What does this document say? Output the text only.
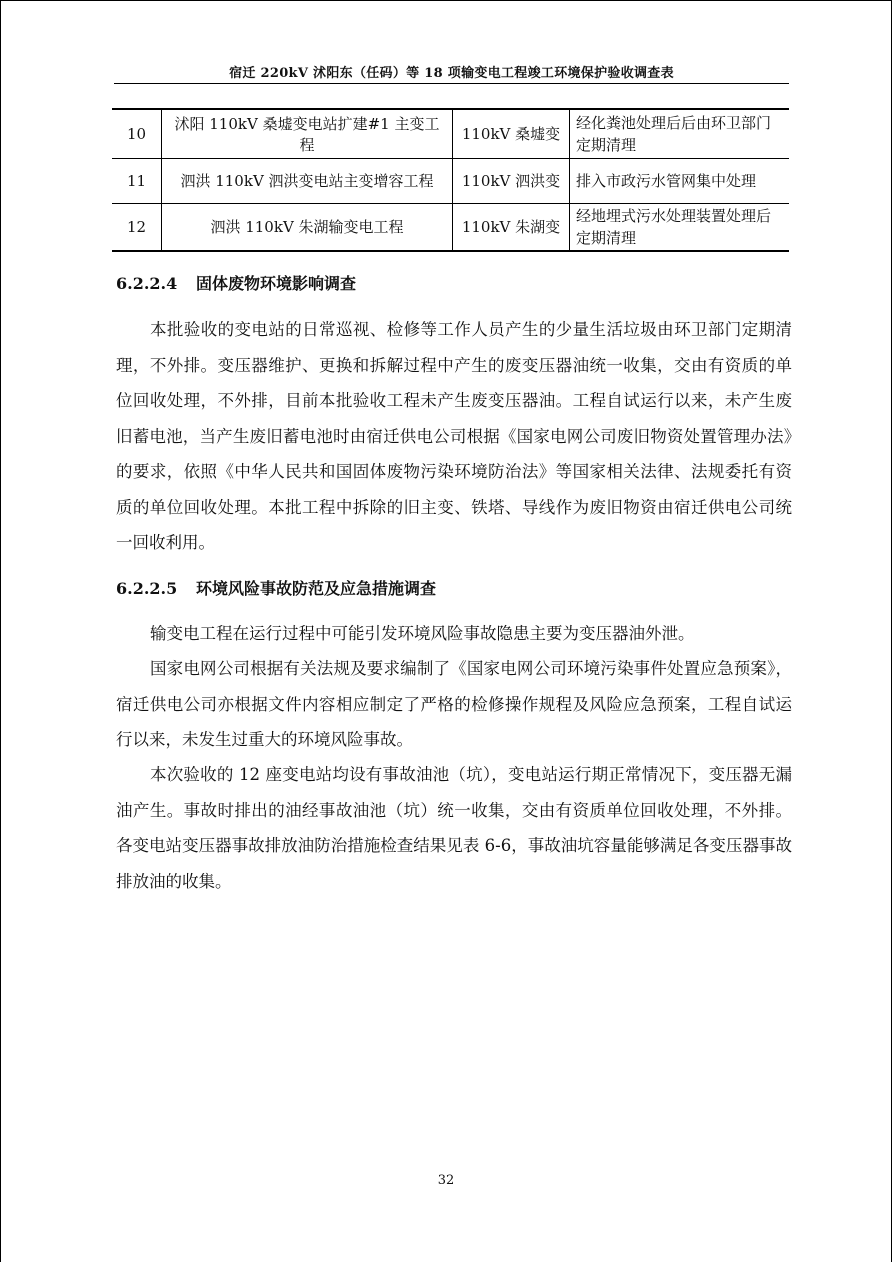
宿迁 220kV 沭阳东（任码）等 18 项输变电工程竣工环境保护验收调查表
10	沭阳 110kV 桑墟变电站扩建#1 主变工程	110kV 桑墟变	经化粪池处理后后由环卫部门定期清理
11	泗洪 110kV 泗洪变电站主变增容工程	110kV 泗洪变	排入市政污水管网集中处理
12	泗洪 110kV 朱湖输变电工程	110kV 朱湖变	经地埋式污水处理装置处理后定期清理
6.2.2.4 固体废物环境影响调查

本批验收的变电站的日常巡视、检修等工作人员产生的少量生活垃圾由环卫部门定期清理，不外排。变压器维护、更换和拆解过程中产生的废变压器油统一收集，交由有资质的单位回收处理，不外排，目前本批验收工程未产生废变压器油。工程自试运行以来，未产生废旧蓄电池，当产生废旧蓄电池时由宿迁供电公司根据《国家电网公司废旧物资处置管理办法》的要求，依照《中华人民共和国固体废物污染环境防治法》等国家相关法律、法规委托有资质的单位回收处理。本批工程中拆除的旧主变、铁塔、导线作为废旧物资由宿迁供电公司统一回收利用。

6.2.2.5 环境风险事故防范及应急措施调查

输变电工程在运行过程中可能引发环境风险事故隐患主要为变压器油外泄。

国家电网公司根据有关法规及要求编制了《国家电网公司环境污染事件处置应急预案》，宿迁供电公司亦根据文件内容相应制定了严格的检修操作规程及风险应急预案，工程自试运行以来，未发生过重大的环境风险事故。

本次验收的 12 座变电站均设有事故油池（坑），变电站运行期正常情况下，变压器无漏油产生。事故时排出的油经事故油池（坑）统一收集，交由有资质单位回收处理，不外排。各变电站变压器事故排放油防治措施检查结果见表 6-6，事故油坑容量能够满足各变压器事故排放油的收集。

32
